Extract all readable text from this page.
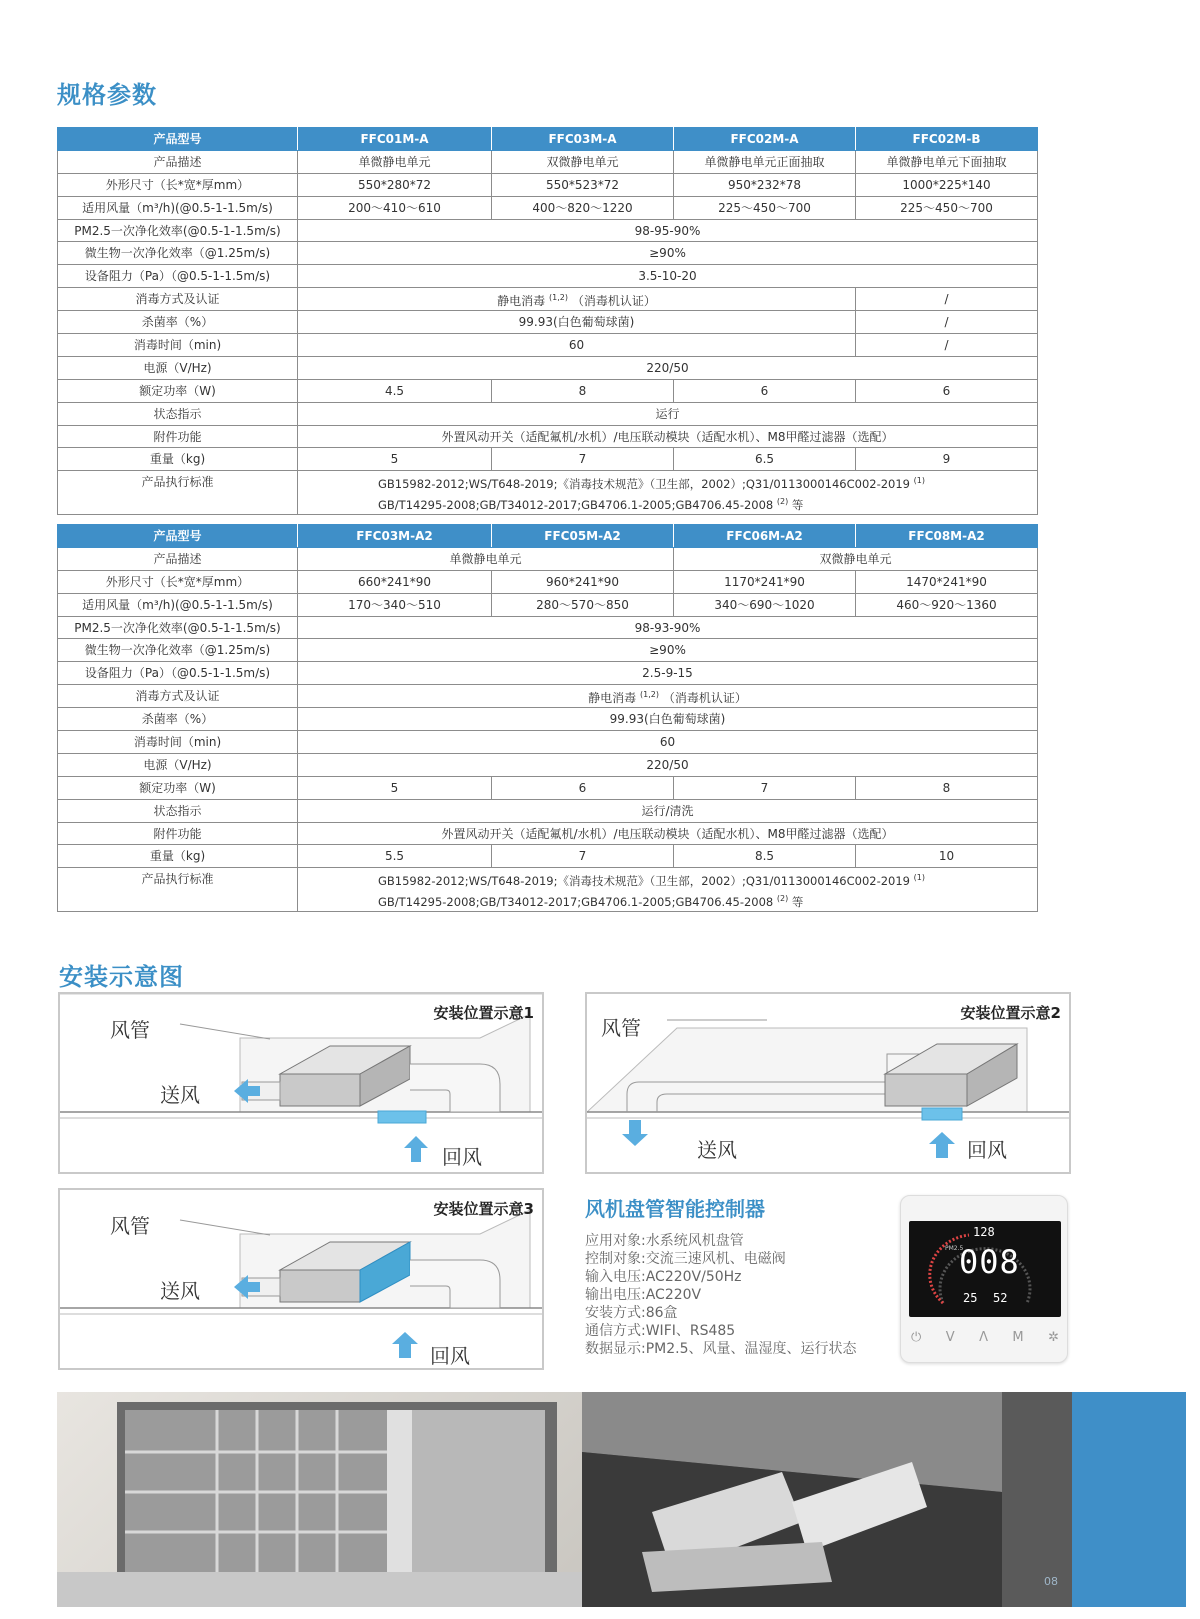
规格参数
产品型号	FFC01M-A	FFC03M-A	FFC02M-A	FFC02M-B
产品描述	单微静电单元	双微静电单元	单微静电单元正面抽取	单微静电单元下面抽取
外形尺寸（长*宽*厚mm）	550*280*72	550*523*72	950*232*78	1000*225*140
适用风量（m³/h)(@0.5-1-1.5m/s)	200～410～610	400～820～1220	225～450～700	225～450～700
PM2.5一次净化效率(@0.5-1-1.5m/s)	98-95-90%			
微生物一次净化效率（@1.25m/s)	≥90%			
设备阻力（Pa）（@0.5-1-1.5m/s)	3.5-10-20			
消毒方式及认证	静电消毒 $^{(1,2)}$ （消毒机认证）			/
杀菌率（%）	99.93(白色葡萄球菌)			/
消毒时间（min)	60			/
电源（V/Hz)	220/50			
额定功率（W)	4.5	8	6	6
状态指示	运行			
附件功能	外置风动开关（适配氟机/水机）/电压联动模块（适配水机）、M8甲醛过滤器（选配）			
重量（kg)	5	7	6.5	9
产品执行标准	GB15982-2012;WS/T648-2019;《消毒技术规范》（卫生部，2002）;Q31/0113000146C002-2019 $^{(1)}$
GB/T14295-2008;GB/T34012-2017;GB4706.1-2005;GB4706.45-2008 $^{(2)}$ 等			
产品型号	FFC03M-A2	FFC05M-A2	FFC06M-A2	FFC08M-A2
产品描述	单微静电单元		双微静电单元	
外形尺寸（长*宽*厚mm）	660*241*90	960*241*90	1170*241*90	1470*241*90
适用风量（m³/h)(@0.5-1-1.5m/s)	170～340～510	280～570～850	340～690～1020	460～920～1360
PM2.5一次净化效率(@0.5-1-1.5m/s)	98-93-90%			
微生物一次净化效率（@1.25m/s)	≥90%			
设备阻力（Pa）（@0.5-1-1.5m/s)	2.5-9-15			
消毒方式及认证	静电消毒 $^{(1,2)}$ （消毒机认证）			
杀菌率（%）	99.93(白色葡萄球菌)			
消毒时间（min)	60			
电源（V/Hz)	220/50			
额定功率（W)	5	6	7	8
状态指示	运行/清洗			
附件功能	外置风动开关（适配氟机/水机）/电压联动模块（适配水机）、M8甲醛过滤器（选配）			
重量（kg)	5.5	7	8.5	10
产品执行标准	GB15982-2012;WS/T648-2019;《消毒技术规范》（卫生部，2002）;Q31/0113000146C002-2019 $^{(1)}$
GB/T14295-2008;GB/T34012-2017;GB4706.1-2005;GB4706.45-2008 $^{(2)}$ 等			
安装示意图
安装位置示意1
风管
送风
回风
安装位置示意2
风管
送风	回风
安装位置示意3
风管
送风
回风
风机盘管智能控制器
应用对象:水系统风机盘管
控制对象:交流三速风机、电磁阀
输入电压:AC220V/50Hz
输出电压:AC220V
安装方式:86盒
通信方式:WIFI、RS485
数据显示:PM2.5、风量、温湿度、运行状态
PM2.5
128
008
25 52
⏻ V Λ M ✲
08
